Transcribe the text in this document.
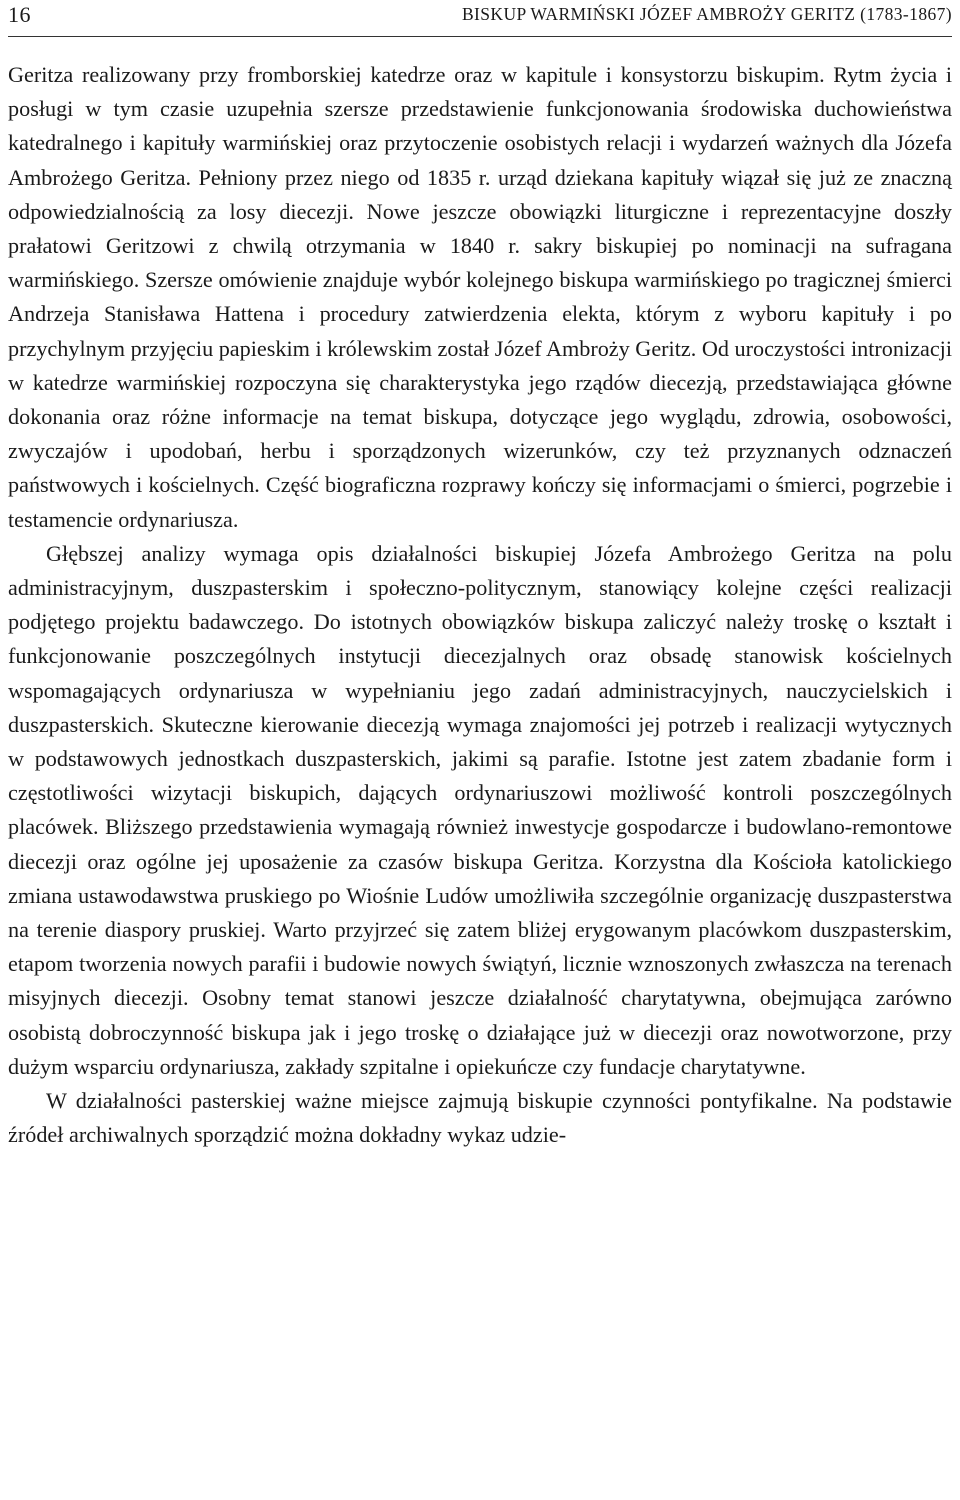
16	BISKUP WARMIŃSKI JÓZEF AMBROŻY GERITZ (1783-1867)

Geritza realizowany przy fromborskiej katedrze oraz w kapitule i konsystorzu biskupim. Rytm życia i posługi w tym czasie uzupełnia szersze przedstawienie funkcjonowania środowiska duchowieństwa katedralnego i kapituły warmińskiej oraz przytoczenie osobistych relacji i wydarzeń ważnych dla Józefa Ambrożego Geritza. Pełniony przez niego od 1835 r. urząd dziekana kapituły wiązał się już ze znaczną odpowiedzialnością za losy diecezji. Nowe jeszcze obowiązki liturgiczne i reprezentacyjne doszły prałatowi Geritzowi z chwilą otrzymania w 1840 r. sakry biskupiej po nominacji na sufragana warmińskiego. Szersze omówienie znajduje wybór kolejnego biskupa warmińskiego po tragicznej śmierci Andrzeja Stanisława Hattena i procedury zatwierdzenia elekta, którym z wyboru kapituły i po przychylnym przyjęciu papieskim i królewskim został Józef Ambroży Geritz. Od uroczystości intronizacji w katedrze warmińskiej rozpoczyna się charakterystyka jego rządów diecezją, przedstawiająca główne dokonania oraz różne informacje na temat biskupa, dotyczące jego wyglądu, zdrowia, osobowości, zwyczajów i upodobań, herbu i sporządzonych wizerunków, czy też przyznanych odznaczeń państwowych i kościelnych. Część biograficzna rozprawy kończy się informacjami o śmierci, pogrzebie i testamencie ordynariusza.

Głębszej analizy wymaga opis działalności biskupiej Józefa Ambrożego Geritza na polu administracyjnym, duszpasterskim i społeczno-politycznym, stanowiący kolejne części realizacji podjętego projektu badawczego. Do istotnych obowiązków biskupa zaliczyć należy troskę o kształt i funkcjonowanie poszczególnych instytucji diecezjalnych oraz obsadę stanowisk kościelnych wspomagających ordynariusza w wypełnianiu jego zadań administracyjnych, nauczycielskich i duszpasterskich. Skuteczne kierowanie diecezją wymaga znajomości jej potrzeb i realizacji wytycznych w podstawowych jednostkach duszpasterskich, jakimi są parafie. Istotne jest zatem zbadanie form i częstotliwości wizytacji biskupich, dających ordynariuszowi możliwość kontroli poszczególnych placówek. Bliższego przedstawienia wymagają również inwestycje gospodarcze i budowlano-remontowe diecezji oraz ogólne jej uposażenie za czasów biskupa Geritza. Korzystna dla Kościoła katolickiego zmiana ustawodawstwa pruskiego po Wiośnie Ludów umożliwiła szczególnie organizację duszpasterstwa na terenie diaspory pruskiej. Warto przyjrzeć się zatem bliżej erygowanym placówkom duszpasterskim, etapom tworzenia nowych parafii i budowie nowych świątyń, licznie wznoszonych zwłaszcza na terenach misyjnych diecezji. Osobny temat stanowi jeszcze działalność charytatywna, obejmująca zarówno osobistą dobroczynność biskupa jak i jego troskę o działające już w diecezji oraz nowotworzone, przy dużym wsparciu ordynariusza, zakłady szpitalne i opiekuńcze czy fundacje charytatywne.

W działalności pasterskiej ważne miejsce zajmują biskupie czynności pontyfikalne. Na podstawie źródeł archiwalnych sporządzić można dokładny wykaz udzie-
